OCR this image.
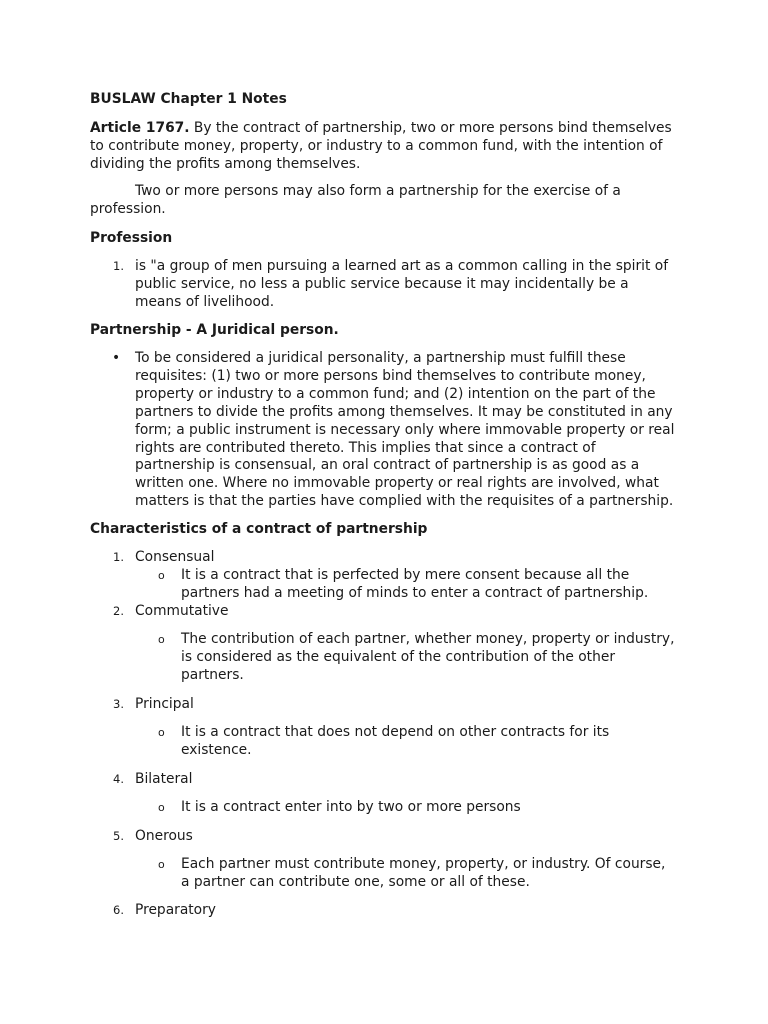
BUSLAW Chapter 1 Notes
Article 1767. By the contract of partnership, two or more persons bind themselves
to contribute money, property, or industry to a common fund, with the intention of
dividing the profits among themselves.
Two or more persons may also form a partnership for the exercise of a
profession.
Profession
1. is "a group of men pursuing a learned art as a common calling in the spirit of
public service, no less a public service because it may incidentally be a
means of livelihood.
Partnership - A Juridical person.
• To be considered a juridical personality, a partnership must fulfill these
requisites: (1) two or more persons bind themselves to contribute money,
property or industry to a common fund; and (2) intention on the part of the
partners to divide the profits among themselves. It may be constituted in any
form; a public instrument is necessary only where immovable property or real
rights are contributed thereto. This implies that since a contract of
partnership is consensual, an oral contract of partnership is as good as a
written one. Where no immovable property or real rights are involved, what
matters is that the parties have complied with the requisites of a partnership.
Characteristics of a contract of partnership
1. Consensual
o It is a contract that is perfected by mere consent because all the
partners had a meeting of minds to enter a contract of partnership.
2. Commutative
o The contribution of each partner, whether money, property or industry,
is considered as the equivalent of the contribution of the other
partners.
3. Principal
o It is a contract that does not depend on other contracts for its
existence.
4. Bilateral
o It is a contract enter into by two or more persons
5. Onerous
o Each partner must contribute money, property, or industry. Of course,
a partner can contribute one, some or all of these.
6. Preparatory
